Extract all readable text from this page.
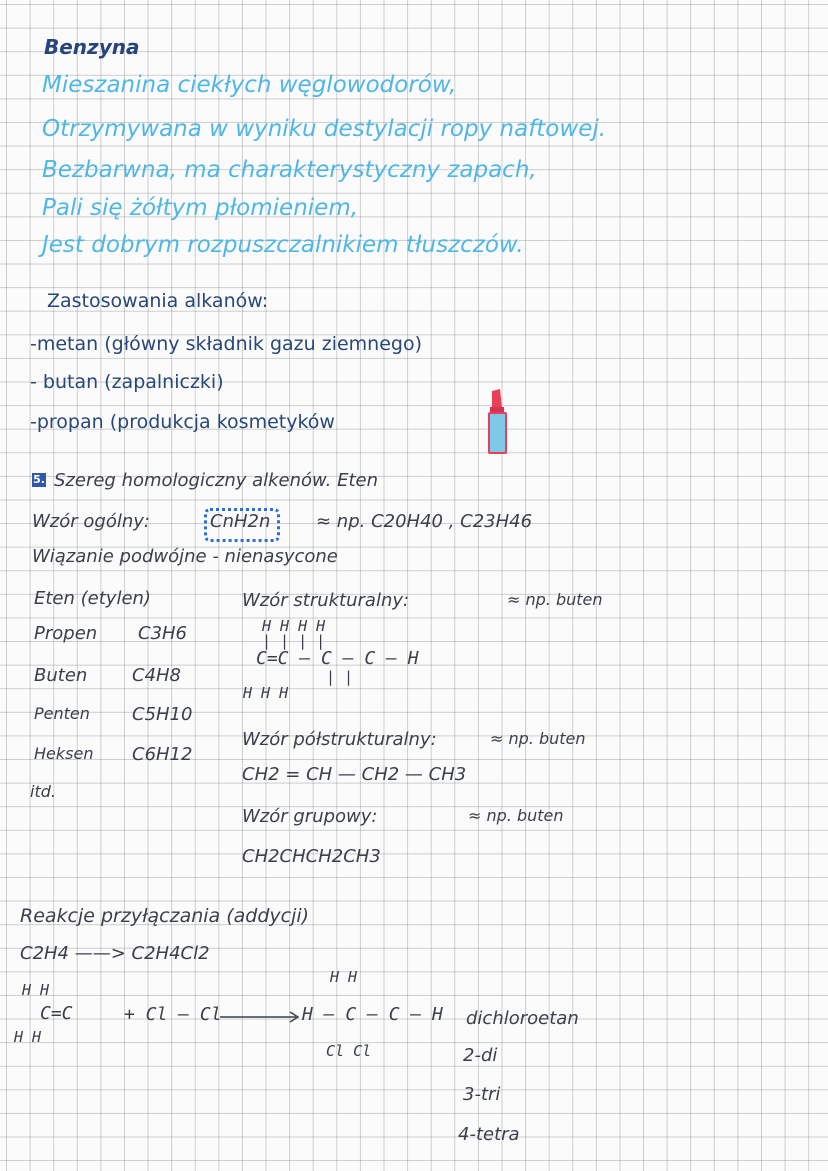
Benzyna
Mieszanina ciekłych węglowodorów,
Otrzymywana w wyniku destylacji ropy naftowej.
Bezbarwna, ma charakterystyczny zapach,
Pali się żółtym płomieniem,
Jest dobrym rozpuszczalnikiem tłuszczów.
Zastosowania alkanów:
-metan (główny składnik gazu ziemnego)
- butan (zapalniczki)
-propan (produkcja kosmetyków
5. Szereg homologiczny alkenów. Eten
Wzór ogólny:	CnH2n	≈ np. C20H40 , C23H46
Wiązanie podwójne - nienasycone
Eten (etylen)
Propen C3H6
Buten C4H8
Penten C5H10
Heksen C6H12
itd.
Wzór strukturalny:	≈ np. buten
H H H H
| | | |
C=C — C — C — H
| |
H H H
Wzór półstrukturalny:	≈ np. buten
CH2 = CH — CH2 — CH3
Wzór grupowy:	≈ np. buten
CH2CHCH2CH3
Reakcje przyłączania (addycji)
C2H4 ——> C2H4Cl2
H H
C=C
H H
+ Cl — Cl
H H
H — C — C — H
Cl Cl
dichloroetan
2-di
3-tri
4-tetra
